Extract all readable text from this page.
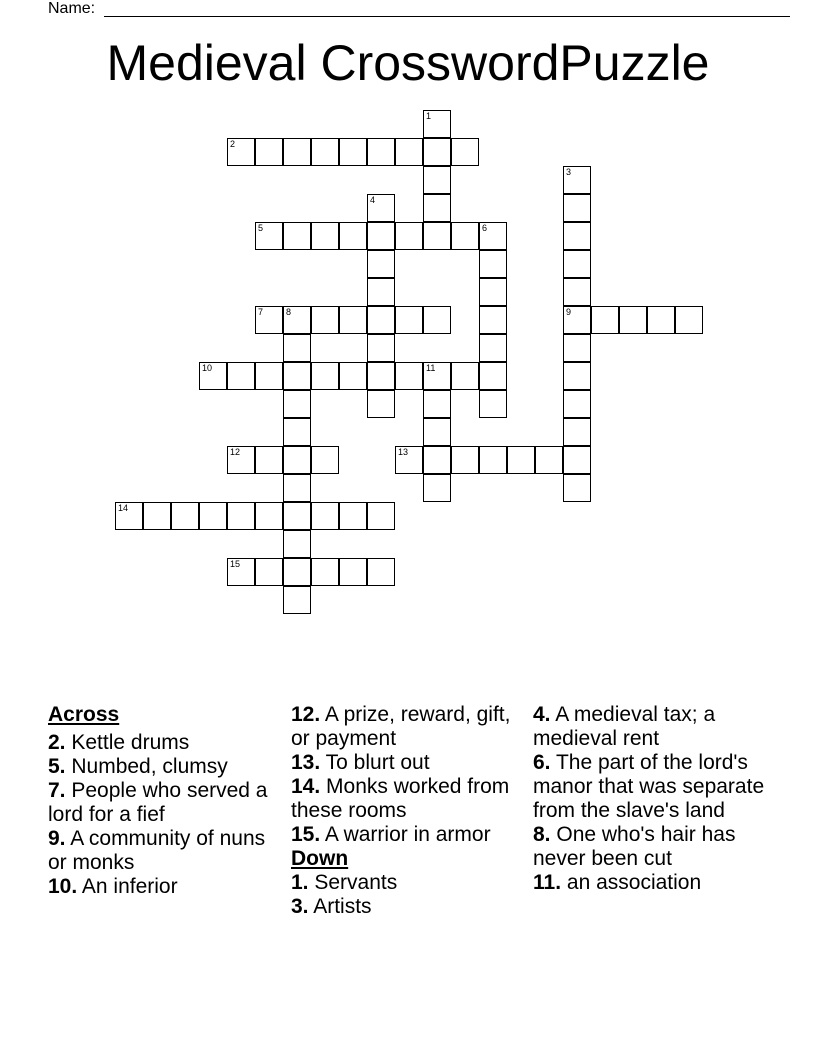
Name:
Medieval CrosswordPuzzle
1
2
3
9
4
5	6
7	8
10	11
12	13
14
15
Across
2. Kettle drums
5. Numbed, clumsy
7. People who served a lord for a fief
9. A community of nuns or monks
10. An inferior
12. A prize, reward, gift, or payment
13. To blurt out
14. Monks worked from these rooms
15. A warrior in armor
Down
1. Servants
3. Artists
4. A medieval tax; a medieval rent
6. The part of the lord's manor that was separate from the slave's land
8. One who's hair has never been cut
11. an association
